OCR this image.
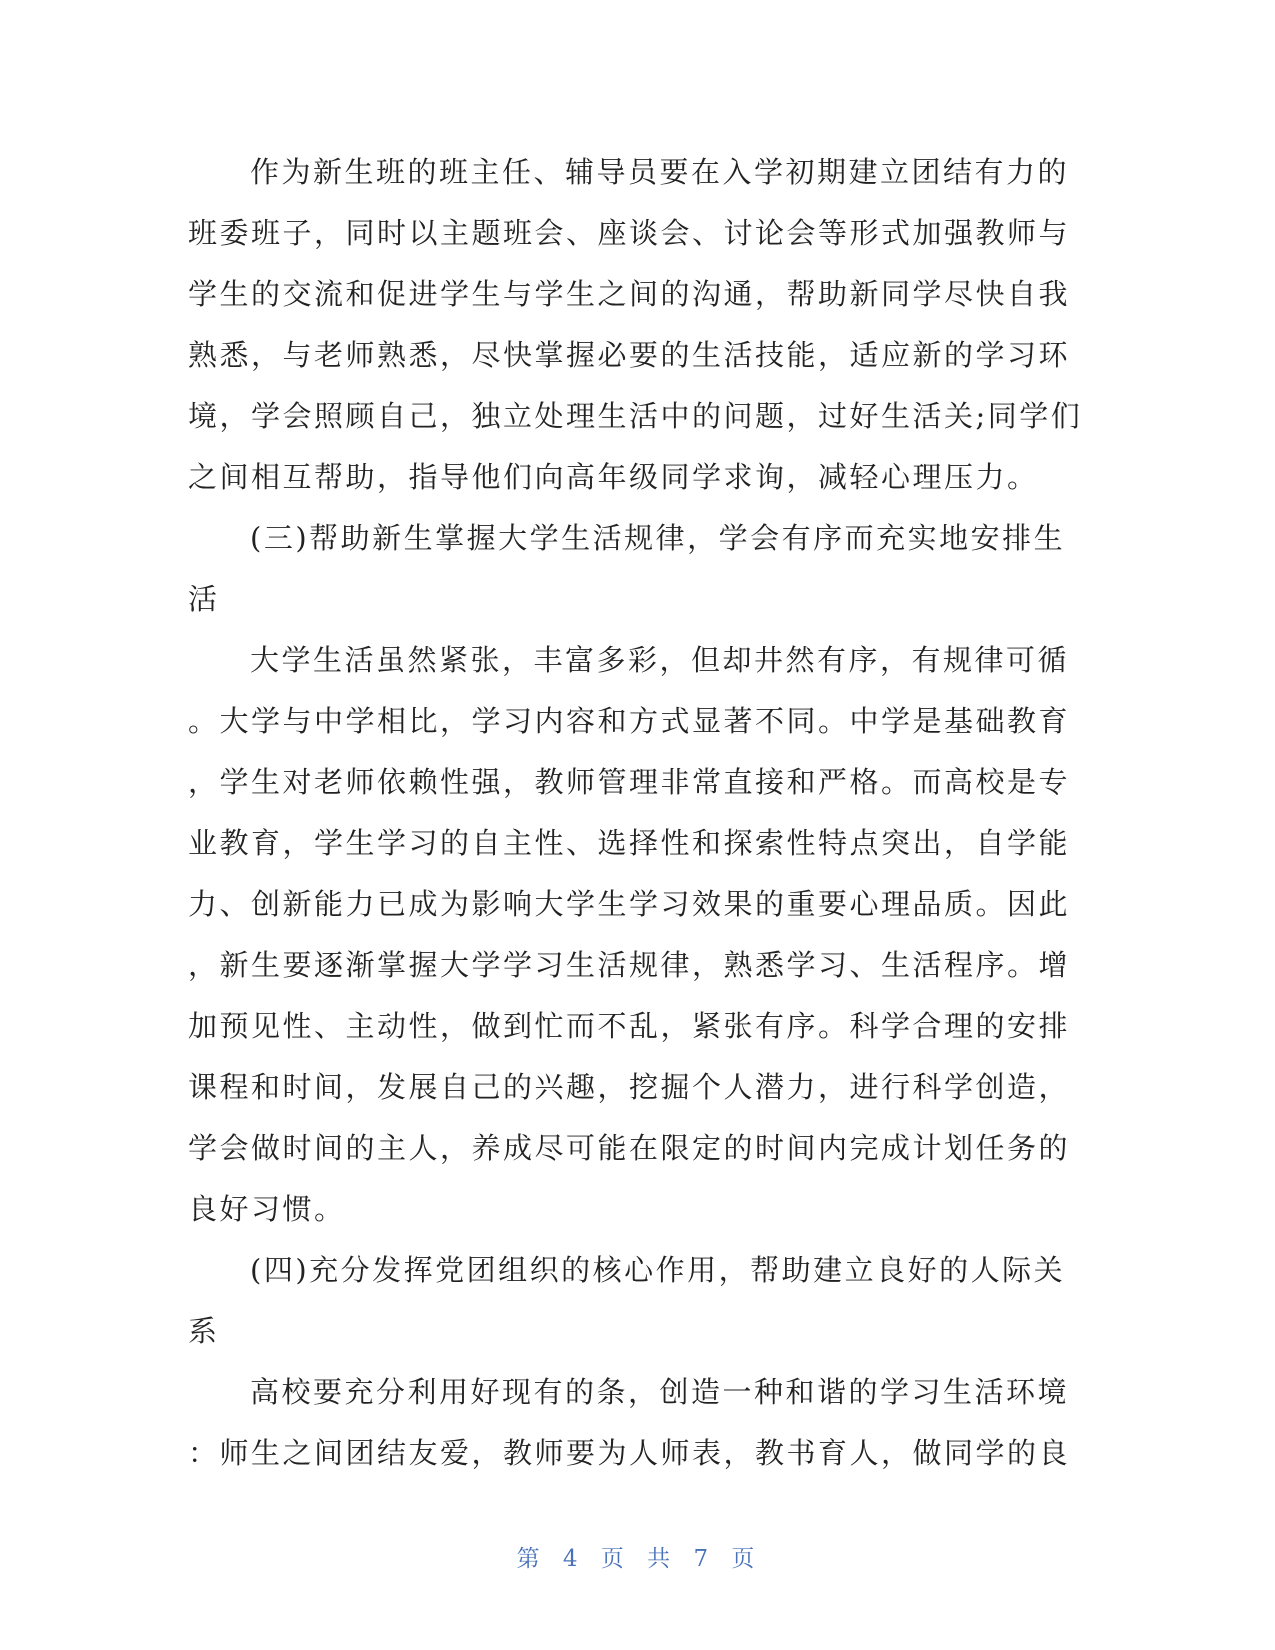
作为新生班的班主任、辅导员要在入学初期建立团结有力的
班委班子，同时以主题班会、座谈会、讨论会等形式加强教师与
学生的交流和促进学生与学生之间的沟通，帮助新同学尽快自我
熟悉，与老师熟悉，尽快掌握必要的生活技能，适应新的学习环
境，学会照顾自己，独立处理生活中的问题，过好生活关;同学们
之间相互帮助，指导他们向高年级同学求询，减轻心理压力。
(三)帮助新生掌握大学生活规律，学会有序而充实地安排生
活
大学生活虽然紧张，丰富多彩，但却井然有序，有规律可循
。大学与中学相比，学习内容和方式显著不同。中学是基础教育
，学生对老师依赖性强，教师管理非常直接和严格。而高校是专
业教育，学生学习的自主性、选择性和探索性特点突出，自学能
力、创新能力已成为影响大学生学习效果的重要心理品质。因此
，新生要逐渐掌握大学学习生活规律，熟悉学习、生活程序。增
加预见性、主动性，做到忙而不乱，紧张有序。科学合理的安排
课程和时间，发展自己的兴趣，挖掘个人潜力，进行科学创造，
学会做时间的主人，养成尽可能在限定的时间内完成计划任务的
良好习惯。
(四)充分发挥党团组织的核心作用，帮助建立良好的人际关
系
高校要充分利用好现有的条，创造一种和谐的学习生活环境
：师生之间团结友爱，教师要为人师表，教书育人，做同学的良
第 4 页 共 7 页
